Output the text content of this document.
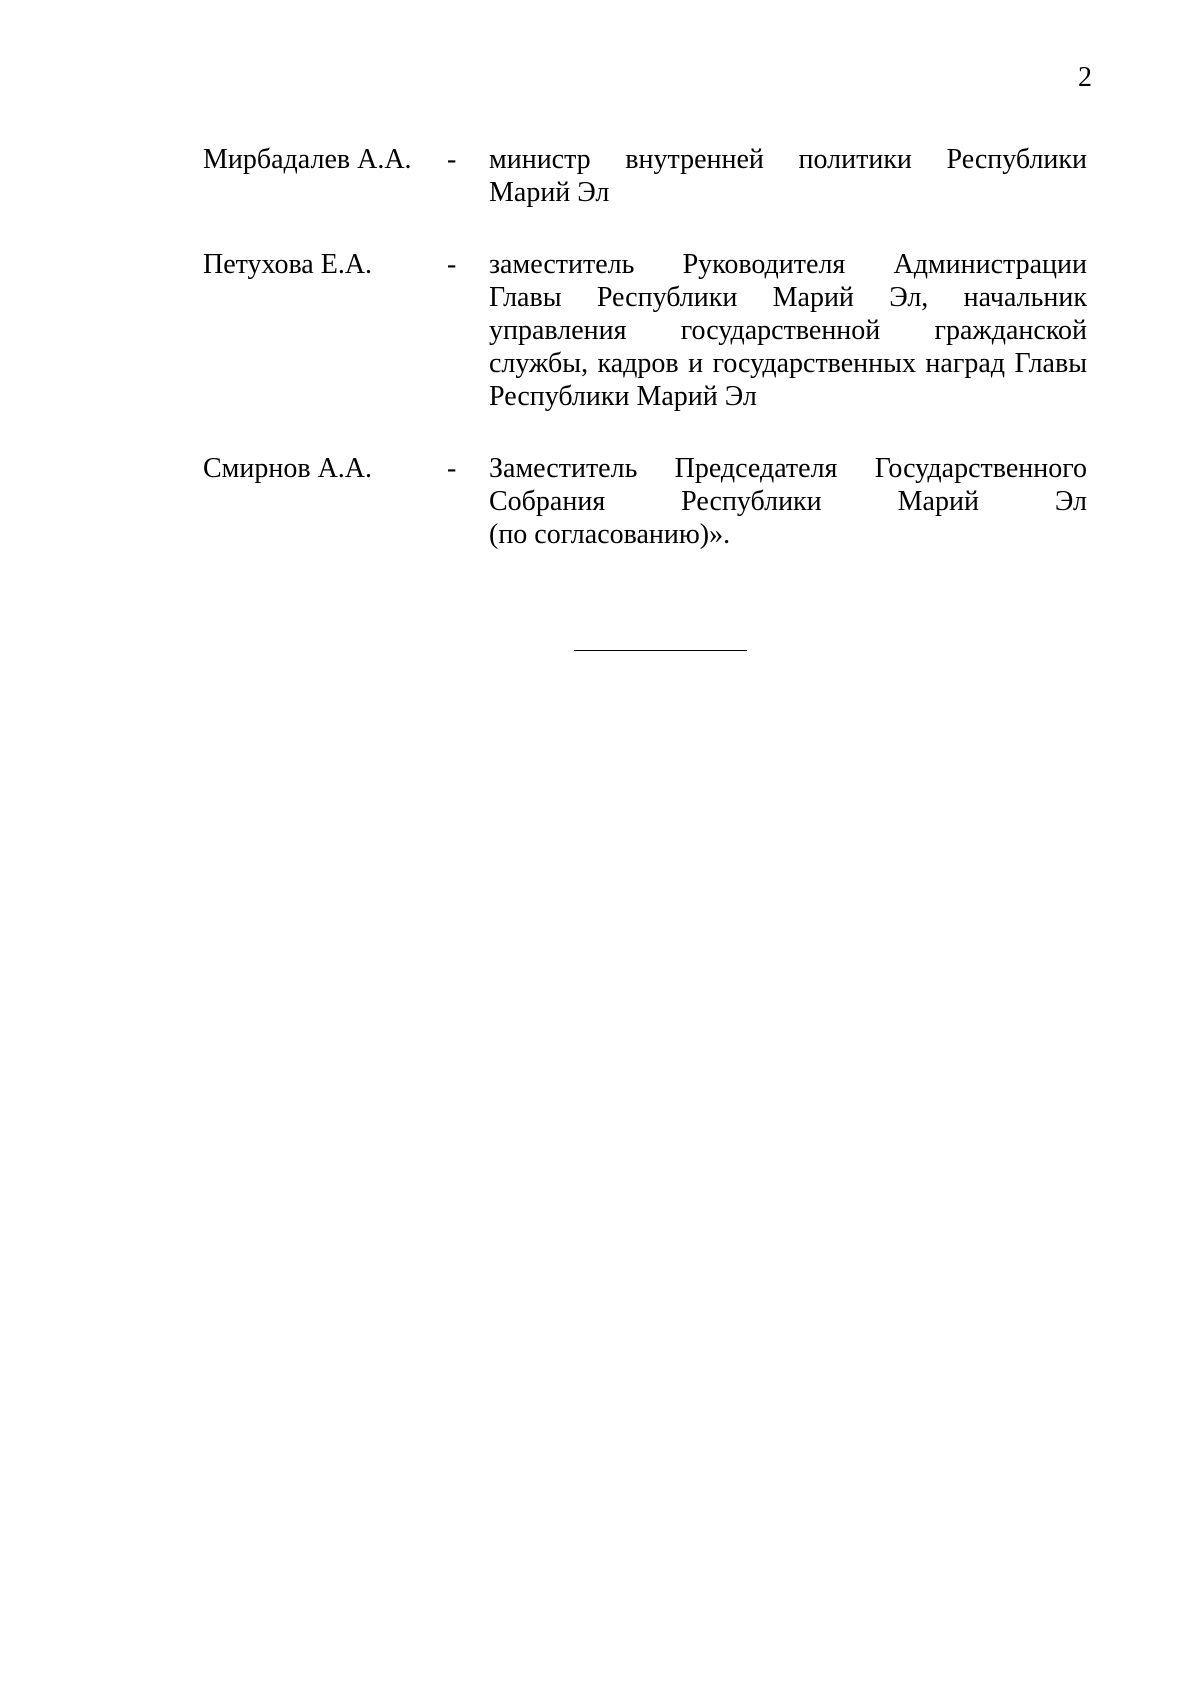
2
Мирбадалев А.А. - министр внутренней политики Республики
Марий Эл
Петухова Е.А.	- заместитель Руководителя Администрации
Главы Республики Марий Эл, начальник
управления государственной гражданской
службы, кадров и государственных наград Главы
Республики Марий Эл
Смирнов А.А.	- Заместитель Председателя Государственного
Собрания Республики Марий Эл
(по согласованию)».
